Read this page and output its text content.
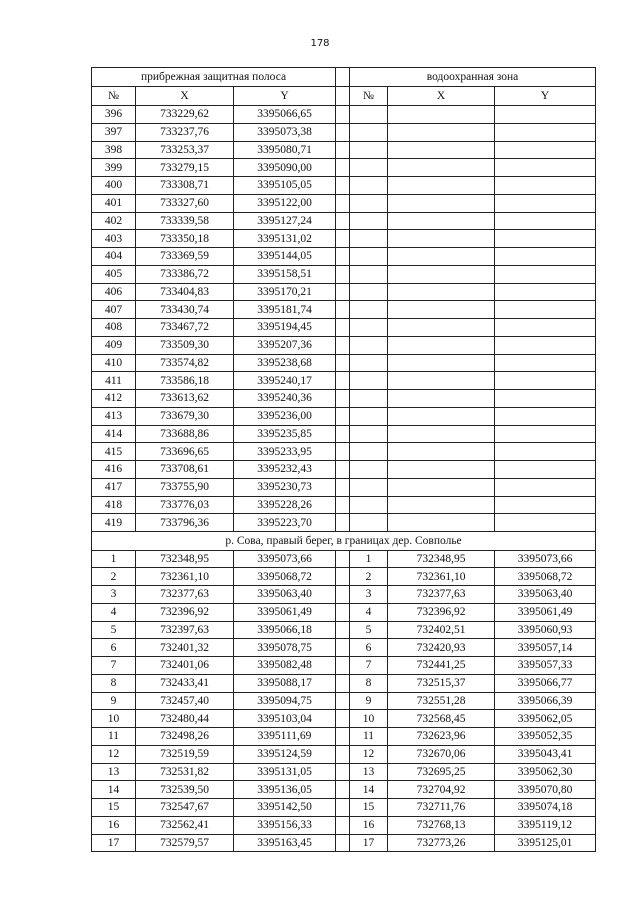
178
прибрежная защитная полоса				водоохранная зона		
№	X	Y		№	X	Y
396	733229,62	3395066,65				
397	733237,76	3395073,38				
398	733253,37	3395080,71				
399	733279,15	3395090,00				
400	733308,71	3395105,05				
401	733327,60	3395122,00				
402	733339,58	3395127,24				
403	733350,18	3395131,02				
404	733369,59	3395144,05				
405	733386,72	3395158,51				
406	733404,83	3395170,21				
407	733430,74	3395181,74				
408	733467,72	3395194,45				
409	733509,30	3395207,36				
410	733574,82	3395238,68				
411	733586,18	3395240,17				
412	733613,62	3395240,36				
413	733679,30	3395236,00				
414	733688,86	3395235,85				
415	733696,65	3395233,95				
416	733708,61	3395232,43				
417	733755,90	3395230,73				
418	733776,03	3395228,26				
419	733796,36	3395223,70				
р. Сова, правый берег, в границах дер. Совполье						
1	732348,95	3395073,66		1	732348,95	3395073,66
2	732361,10	3395068,72		2	732361,10	3395068,72
3	732377,63	3395063,40		3	732377,63	3395063,40
4	732396,92	3395061,49		4	732396,92	3395061,49
5	732397,63	3395066,18		5	732402,51	3395060,93
6	732401,32	3395078,75		6	732420,93	3395057,14
7	732401,06	3395082,48		7	732441,25	3395057,33
8	732433,41	3395088,17		8	732515,37	3395066,77
9	732457,40	3395094,75		9	732551,28	3395066,39
10	732480,44	3395103,04		10	732568,45	3395062,05
11	732498,26	3395111,69		11	732623,96	3395052,35
12	732519,59	3395124,59		12	732670,06	3395043,41
13	732531,82	3395131,05		13	732695,25	3395062,30
14	732539,50	3395136,05		14	732704,92	3395070,80
15	732547,67	3395142,50		15	732711,76	3395074,18
16	732562,41	3395156,33		16	732768,13	3395119,12
17	732579,57	3395163,45		17	732773,26	3395125,01
